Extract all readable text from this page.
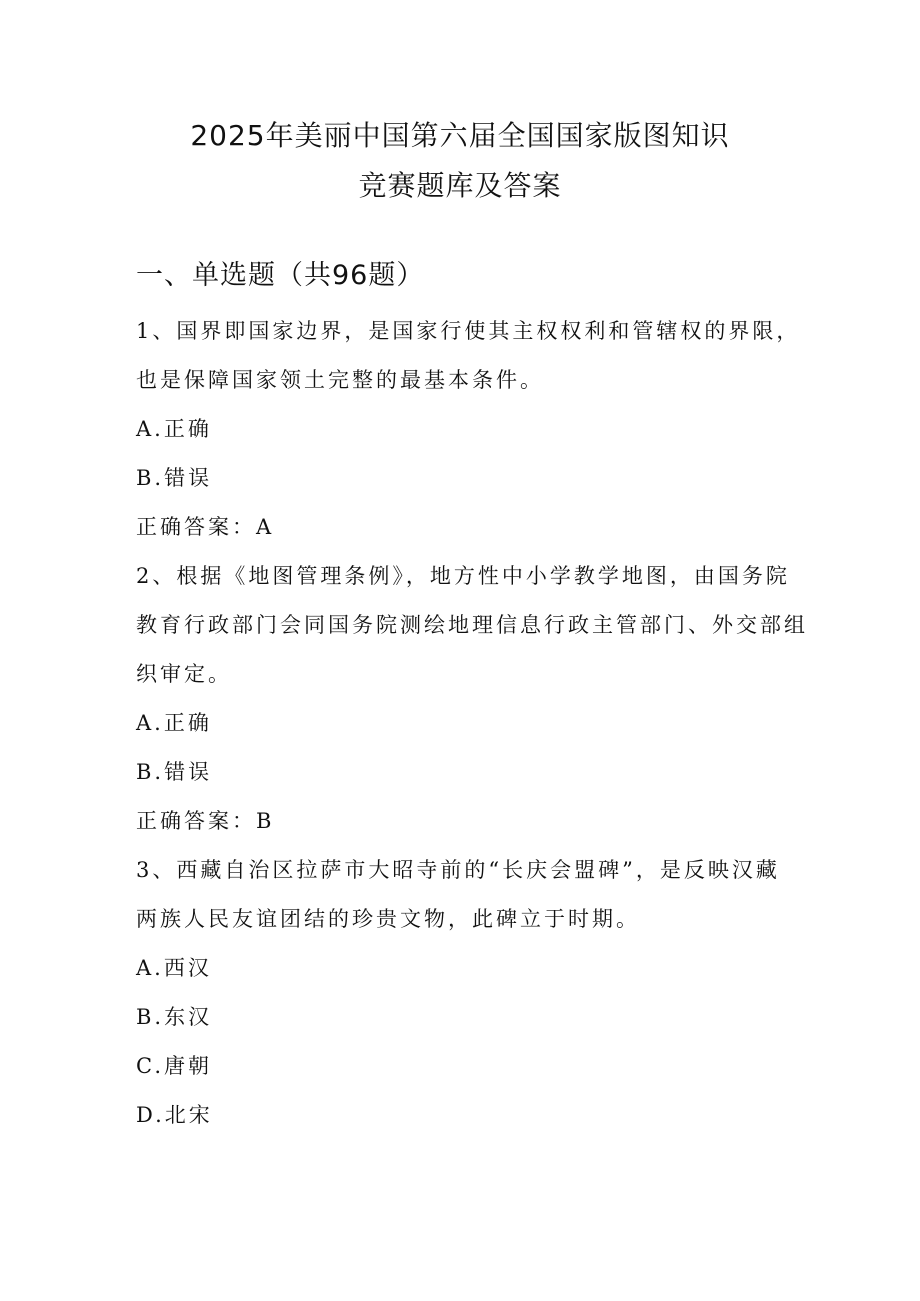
2025年美丽中国第六届全国国家版图知识
竞赛题库及答案
一、单选题（共96题）
1、国界即国家边界，是国家行使其主权权利和管辖权的界限，
也是保障国家领土完整的最基本条件。
A.正确
B.错误
正确答案：A
2、根据《地图管理条例》，地方性中小学教学地图，由国务院
教育行政部门会同国务院测绘地理信息行政主管部门、外交部组
织审定。
A.正确
B.错误
正确答案：B
3、西藏自治区拉萨市大昭寺前的“长庆会盟碑”，是反映汉藏
两族人民友谊团结的珍贵文物，此碑立于时期。
A.西汉
B.东汉
C.唐朝
D.北宋
